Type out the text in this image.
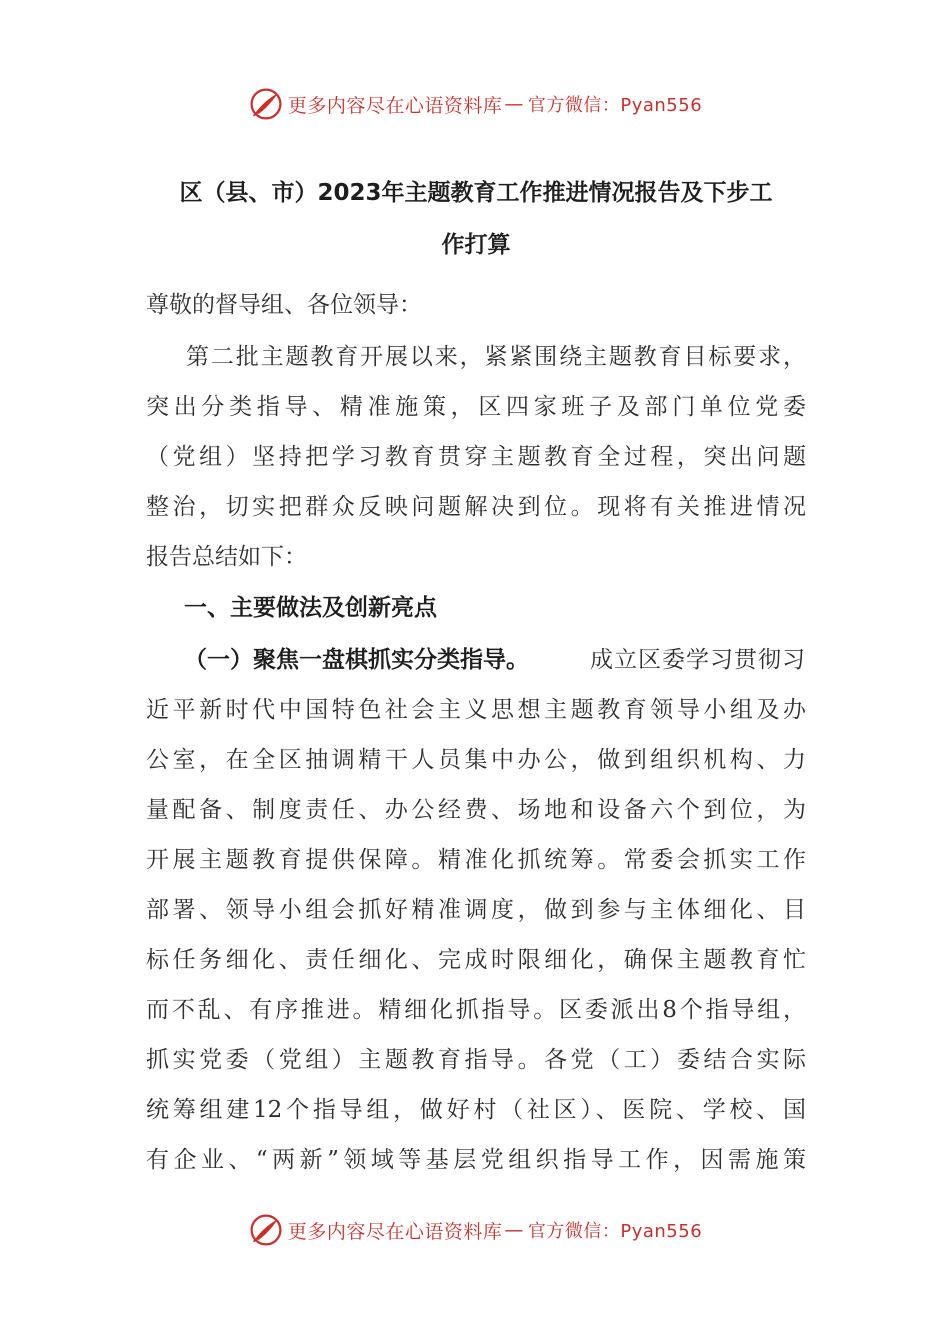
更多内容尽在心语资料库 — 官方微信：Pyan556
区（县、市）2023年主题教育工作推进情况报告及下步工
作打算
尊敬的督导组、各位领导：
第二批主题教育开展以来，紧紧围绕主题教育目标要求，
突出分类指导、精准施策，区四家班子及部门单位党委
（党组）坚持把学习教育贯穿主题教育全过程，突出问题
整治，切实把群众反映问题解决到位。现将有关推进情况
报告总结如下：
一、主要做法及创新亮点
（一）聚焦一盘棋抓实分类指导。	成立区委学习贯彻习
近平新时代中国特色社会主义思想主题教育领导小组及办
公室，在全区抽调精干人员集中办公，做到组织机构、力
量配备、制度责任、办公经费、场地和设备六个到位，为
开展主题教育提供保障。精准化抓统筹。常委会抓实工作
部署、领导小组会抓好精准调度，做到参与主体细化、目
标任务细化、责任细化、完成时限细化，确保主题教育忙
而不乱、有序推进。精细化抓指导。区委派出8个指导组，
抓实党委（党组）主题教育指导。各党（工）委结合实际
统筹组建12个指导组，做好村（社区）、医院、学校、国
有企业、“两新”领域等基层党组织指导工作，因需施策
更多内容尽在心语资料库 — 官方微信：Pyan556
